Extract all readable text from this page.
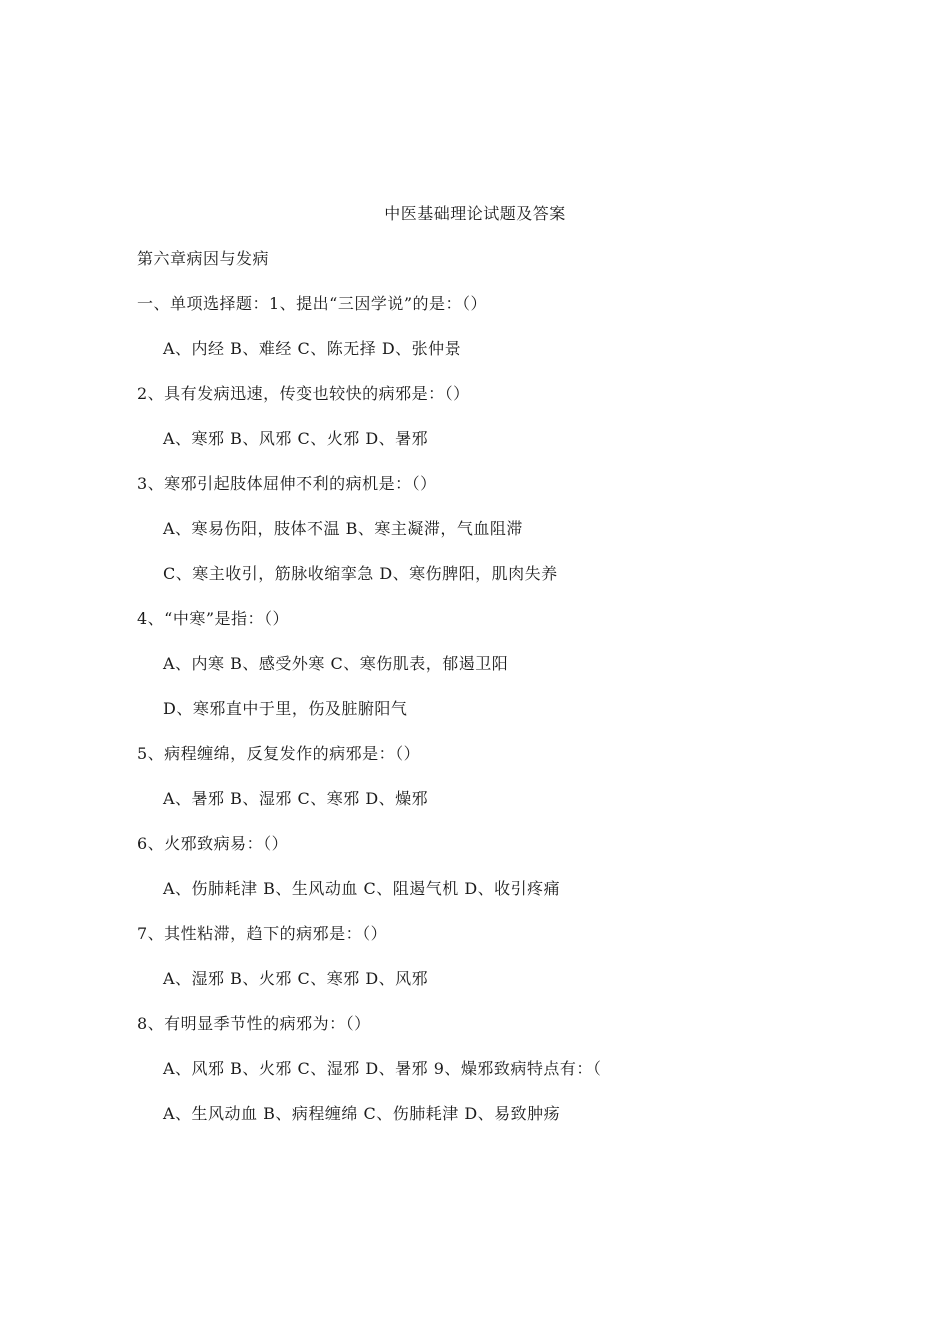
中医基础理论试题及答案
第六章病因与发病
一、单项选择题：1、提出“三因学说”的是：（）
A、内经 B、难经 C、陈无择 D、张仲景
2、具有发病迅速，传变也较快的病邪是：（）
A、寒邪 B、风邪 C、火邪 D、暑邪
3、寒邪引起肢体屈伸不利的病机是：（）
A、寒易伤阳，肢体不温 B、寒主凝滞，气血阻滞
C、寒主收引，筋脉收缩挛急 D、寒伤脾阳，肌肉失养
4、“中寒”是指：（）
A、内寒 B、感受外寒 C、寒伤肌表，郁遏卫阳
D、寒邪直中于里，伤及脏腑阳气
5、病程缠绵，反复发作的病邪是：（）
A、暑邪 B、湿邪 C、寒邪 D、燥邪
6、火邪致病易：（）
A、伤肺耗津 B、生风动血 C、阻遏气机 D、收引疼痛
7、其性粘滞，趋下的病邪是：（）
A、湿邪 B、火邪 C、寒邪 D、风邪
8、有明显季节性的病邪为：（）
A、风邪 B、火邪 C、湿邪 D、暑邪 9、燥邪致病特点有：（
A、生风动血 B、病程缠绵 C、伤肺耗津 D、易致肿疡
